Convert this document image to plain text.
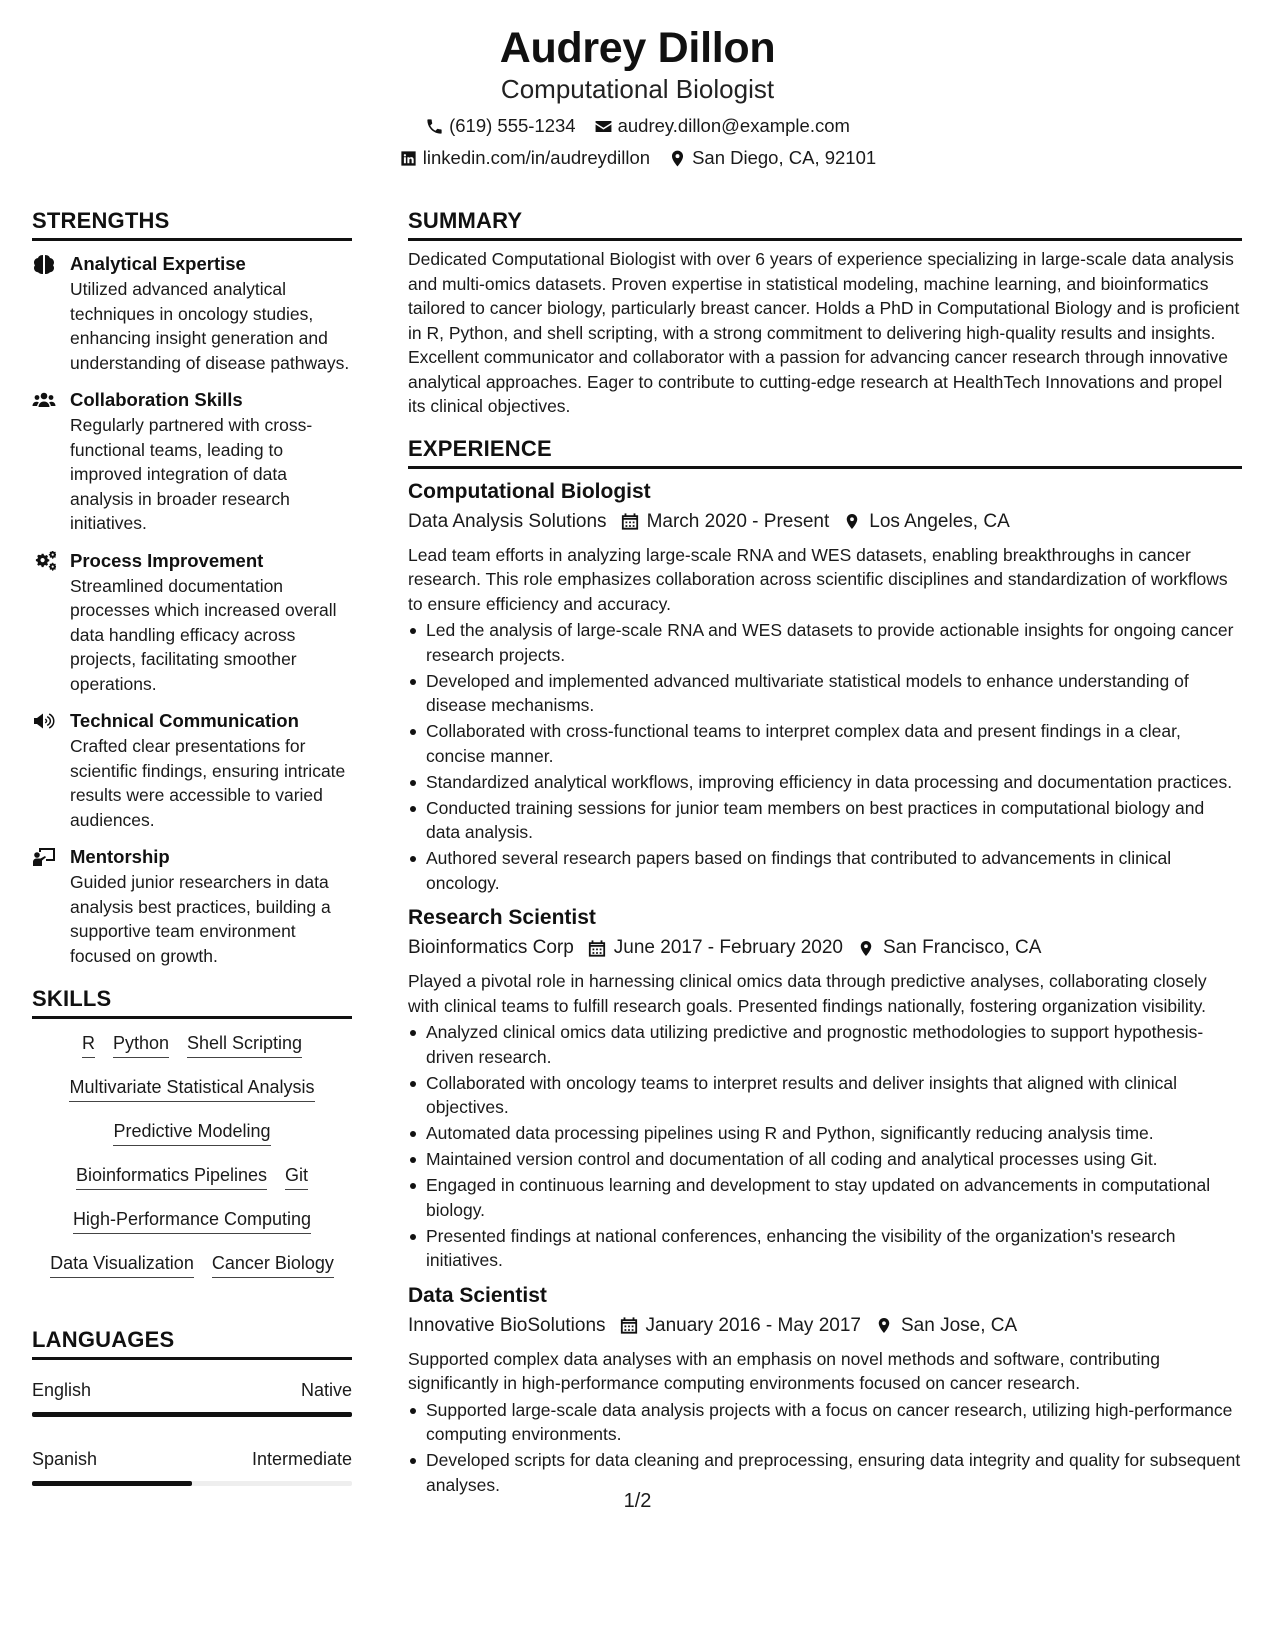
Audrey Dillon
Computational Biologist
(619) 555-1234 audrey.dillon@example.com
linkedin.com/in/audreydillon San Diego, CA, 92101
STRENGTHS
Analytical Expertise
Utilized advanced analytical techniques in oncology studies, enhancing insight generation and understanding of disease pathways.
Collaboration Skills
Regularly partnered with cross-functional teams, leading to improved integration of data analysis in broader research initiatives.
Process Improvement
Streamlined documentation processes which increased overall data handling efficacy across projects, facilitating smoother operations.
Technical Communication
Crafted clear presentations for scientific findings, ensuring intricate results were accessible to varied audiences.
Mentorship
Guided junior researchers in data analysis best practices, building a supportive team environment focused on growth.
SKILLS
R Python Shell Scripting
Multivariate Statistical Analysis
Predictive Modeling
Bioinformatics Pipelines Git
High-Performance Computing
Data Visualization Cancer Biology
LANGUAGES
English	Native
Spanish	Intermediate
SUMMARY
Dedicated Computational Biologist with over 6 years of experience specializing in large-scale data analysis and multi-omics datasets. Proven expertise in statistical modeling, machine learning, and bioinformatics tailored to cancer biology, particularly breast cancer. Holds a PhD in Computational Biology and is proficient in R, Python, and shell scripting, with a strong commitment to delivering high-quality results and insights. Excellent communicator and collaborator with a passion for advancing cancer research through innovative analytical approaches. Eager to contribute to cutting-edge research at HealthTech Innovations and propel its clinical objectives.
EXPERIENCE
Computational Biologist
Data Analysis Solutions March 2020 - Present Los Angeles, CA
Lead team efforts in analyzing large-scale RNA and WES datasets, enabling breakthroughs in cancer research. This role emphasizes collaboration across scientific disciplines and standardization of workflows to ensure efficiency and accuracy.
Led the analysis of large-scale RNA and WES datasets to provide actionable insights for ongoing cancer research projects.
Developed and implemented advanced multivariate statistical models to enhance understanding of disease mechanisms.
Collaborated with cross-functional teams to interpret complex data and present findings in a clear, concise manner.
Standardized analytical workflows, improving efficiency in data processing and documentation practices.
Conducted training sessions for junior team members on best practices in computational biology and data analysis.
Authored several research papers based on findings that contributed to advancements in clinical oncology.
Research Scientist
Bioinformatics Corp June 2017 - February 2020 San Francisco, CA
Played a pivotal role in harnessing clinical omics data through predictive analyses, collaborating closely with clinical teams to fulfill research goals. Presented findings nationally, fostering organization visibility.
Analyzed clinical omics data utilizing predictive and prognostic methodologies to support hypothesis-driven research.
Collaborated with oncology teams to interpret results and deliver insights that aligned with clinical objectives.
Automated data processing pipelines using R and Python, significantly reducing analysis time.
Maintained version control and documentation of all coding and analytical processes using Git.
Engaged in continuous learning and development to stay updated on advancements in computational biology.
Presented findings at national conferences, enhancing the visibility of the organization's research initiatives.
Data Scientist
Innovative BioSolutions January 2016 - May 2017 San Jose, CA
Supported complex data analyses with an emphasis on novel methods and software, contributing significantly in high-performance computing environments focused on cancer research.
Supported large-scale data analysis projects with a focus on cancer research, utilizing high-performance computing environments.
Developed scripts for data cleaning and preprocessing, ensuring data integrity and quality for subsequent analyses.
1/2
